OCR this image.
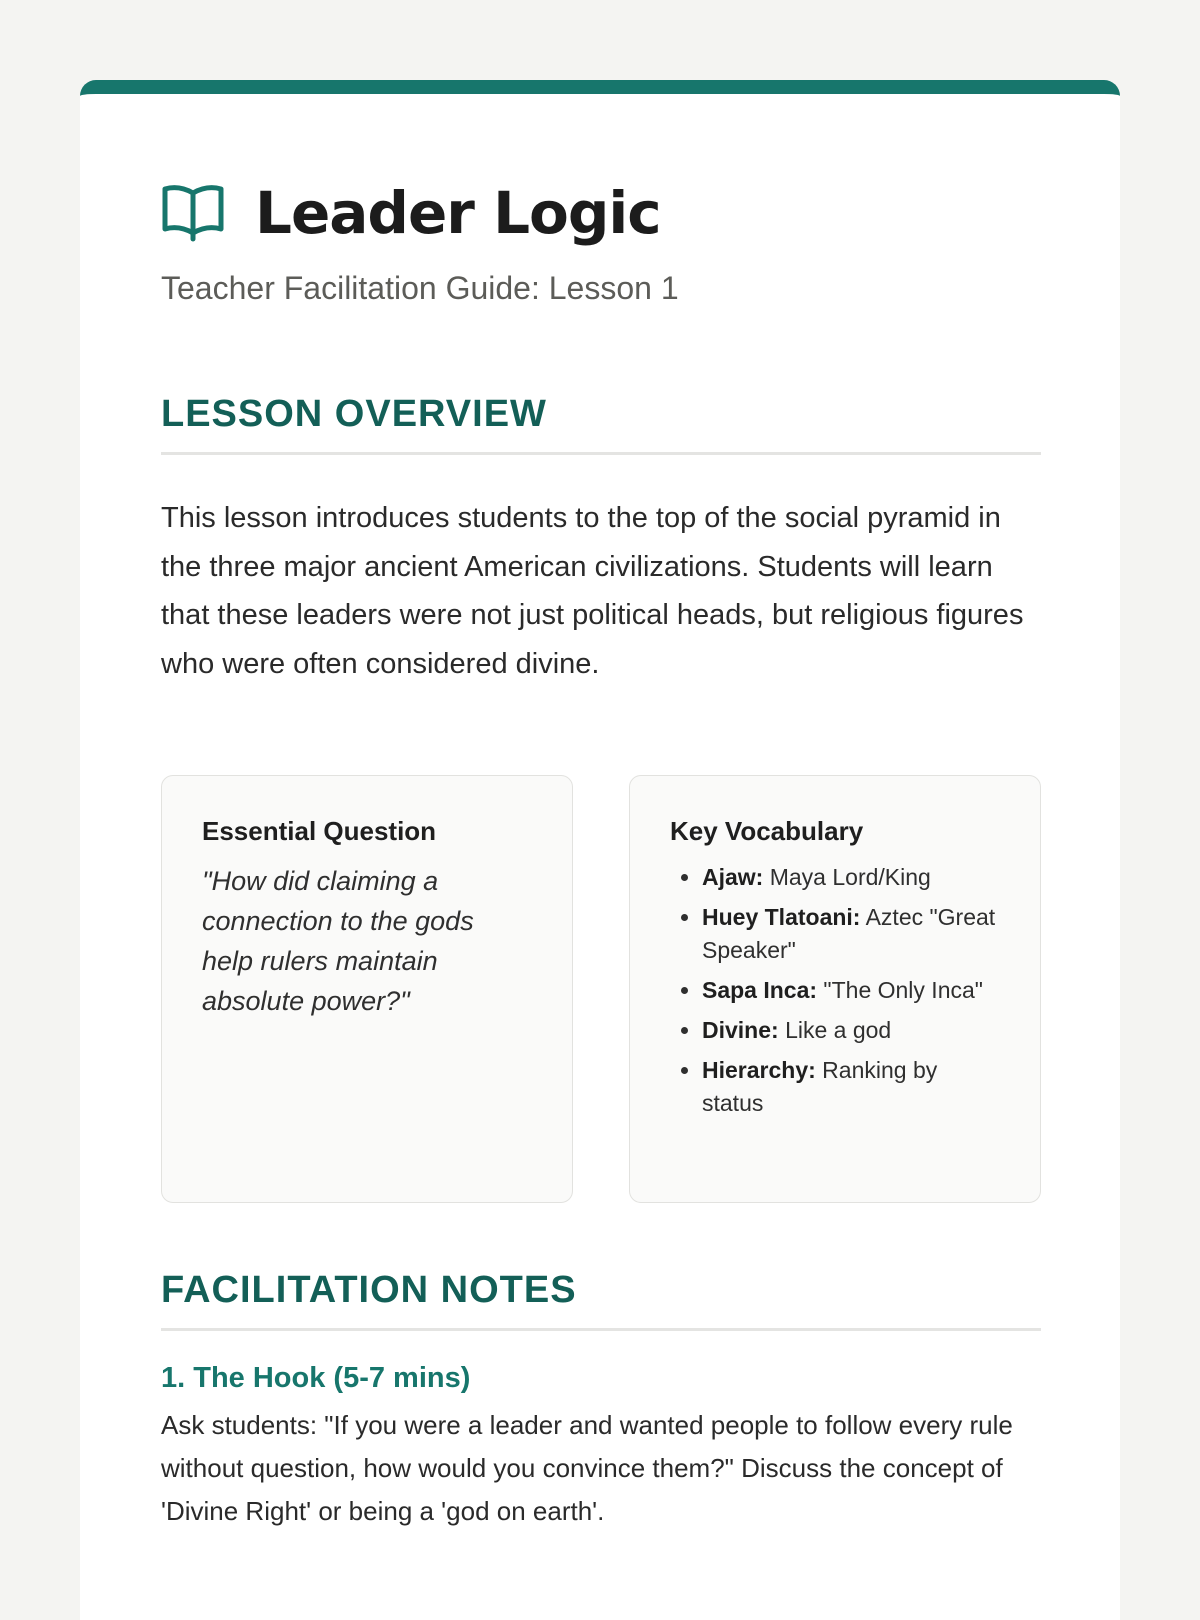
Leader Logic
Teacher Facilitation Guide: Lesson 1
LESSON OVERVIEW
This lesson introduces students to the top of the social pyramid in the three major ancient American civilizations. Students will learn that these leaders were not just political heads, but religious figures who were often considered divine.
Essential Question
"How did claiming a connection to the gods help rulers maintain absolute power?"
Key Vocabulary
• Ajaw: Maya Lord/King
• Huey Tlatoani: Aztec "Great Speaker"
• Sapa Inca: "The Only Inca"
• Divine: Like a god
• Hierarchy: Ranking by status
FACILITATION NOTES
1. The Hook (5-7 mins)
Ask students: "If you were a leader and wanted people to follow every rule without question, how would you convince them?" Discuss the concept of 'Divine Right' or being a 'god on earth'.
